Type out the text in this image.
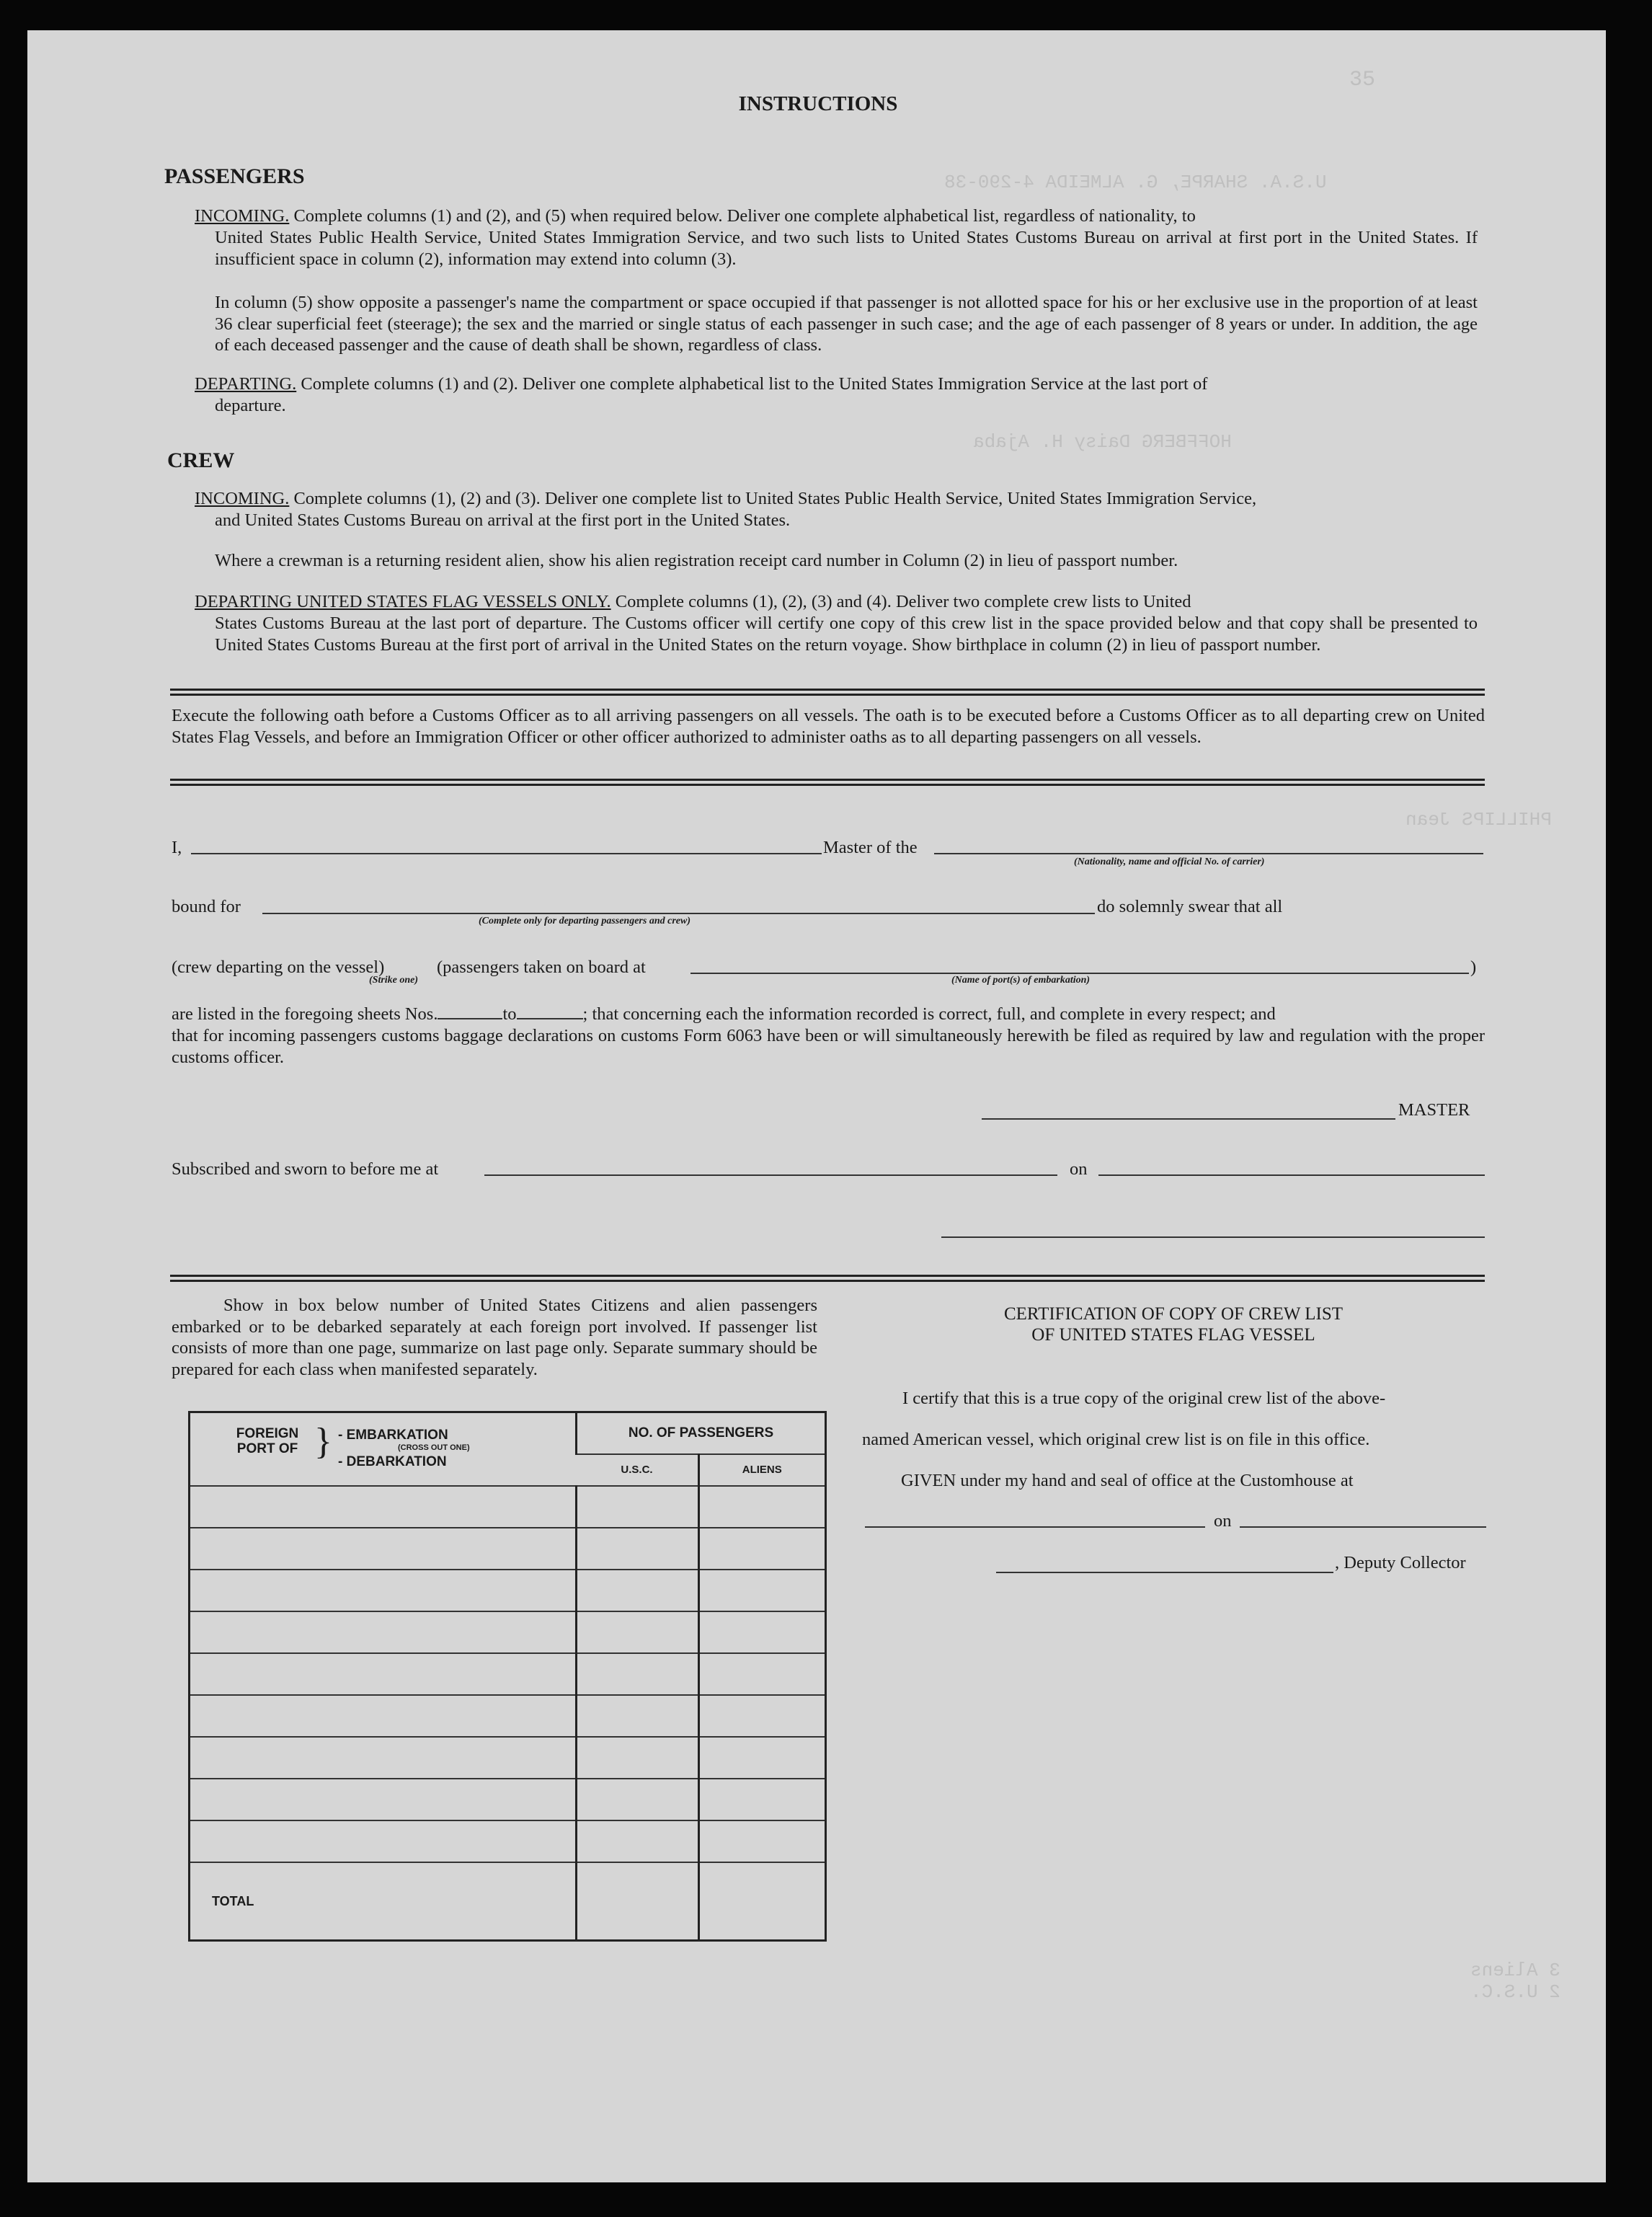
U.S.A. SHARPE, G. ALMEIDA 4-290-38
HOFFBERG Daisy H. Ajaba
PHILLIPS Jean
3 Aliens
2 U.S.C.
35
INSTRUCTIONS
PASSENGERS
INCOMING. Complete columns (1) and (2), and (5) when required below. Deliver one complete alphabetical list, regardless of nationality, to
United States Public Health Service, United States Immigration Service, and two such lists to United States Customs Bureau on arrival at first port in the United States. If insufficient space in column (2), information may extend into column (3).
In column (5) show opposite a passenger's name the compartment or space occupied if that passenger is not allotted space for his or her exclusive use in the proportion of at least 36 clear superficial feet (steerage); the sex and the married or single status of each passenger in such case; and the age of each passenger of 8 years or under. In addition, the age of each deceased passenger and the cause of death shall be shown, regardless of class.
DEPARTING. Complete columns (1) and (2). Deliver one complete alphabetical list to the United States Immigration Service at the last port of
departure.
CREW
INCOMING. Complete columns (1), (2) and (3). Deliver one complete list to United States Public Health Service, United States Immigration Service,
and United States Customs Bureau on arrival at the first port in the United States.
Where a crewman is a returning resident alien, show his alien registration receipt card number in Column (2) in lieu of passport number.
DEPARTING UNITED STATES FLAG VESSELS ONLY. Complete columns (1), (2), (3) and (4). Deliver two complete crew lists to United
States Customs Bureau at the last port of departure. The Customs officer will certify one copy of this crew list in the space provided below and that copy shall be presented to United States Customs Bureau at the first port of arrival in the United States on the return voyage. Show birthplace in column (2) in lieu of passport number.
Execute the following oath before a Customs Officer as to all arriving passengers on all vessels. The oath is to be executed before a Customs Officer as to all departing crew on United States Flag Vessels, and before an Immigration Officer or other officer authorized to administer oaths as to all departing passengers on all vessels.
I,	Master of the
(Nationality, name and official No. of carrier)
bound for	do solemnly swear that all
(Complete only for departing passengers and crew)
(crew departing on the vessel)
(Strike one)
(passengers taken on board at	)
(Name of port(s) of embarkation)
are listed in the foregoing sheets Nos.	to	; that concerning each the information recorded is correct, full, and complete in every respect; and
that for incoming passengers customs baggage declarations on customs Form 6063 have been or will simultaneously herewith be filed as required by law and regulation with the proper customs officer.
MASTER
Subscribed and sworn to before me at	on
Show in box below number of United States Citizens and alien passengers embarked or to be debarked separately at each foreign port involved. If passenger list consists of more than one page, summarize on last page only. Separate summary should be prepared for each class when manifested separately.
FOREIGN PORT OF } - EMBARKATION
(CROSS OUT ONE)
- DEBARKATION	NO. OF PASSENGERS	
	U.S.C.	ALIENS

TOTAL		
CERTIFICATION OF COPY OF CREW LIST
OF UNITED STATES FLAG VESSEL
I certify that this is a true copy of the original crew list of the above-
named American vessel, which original crew list is on file in this office.
GIVEN under my hand and seal of office at the Customhouse at
on
, Deputy Collector
